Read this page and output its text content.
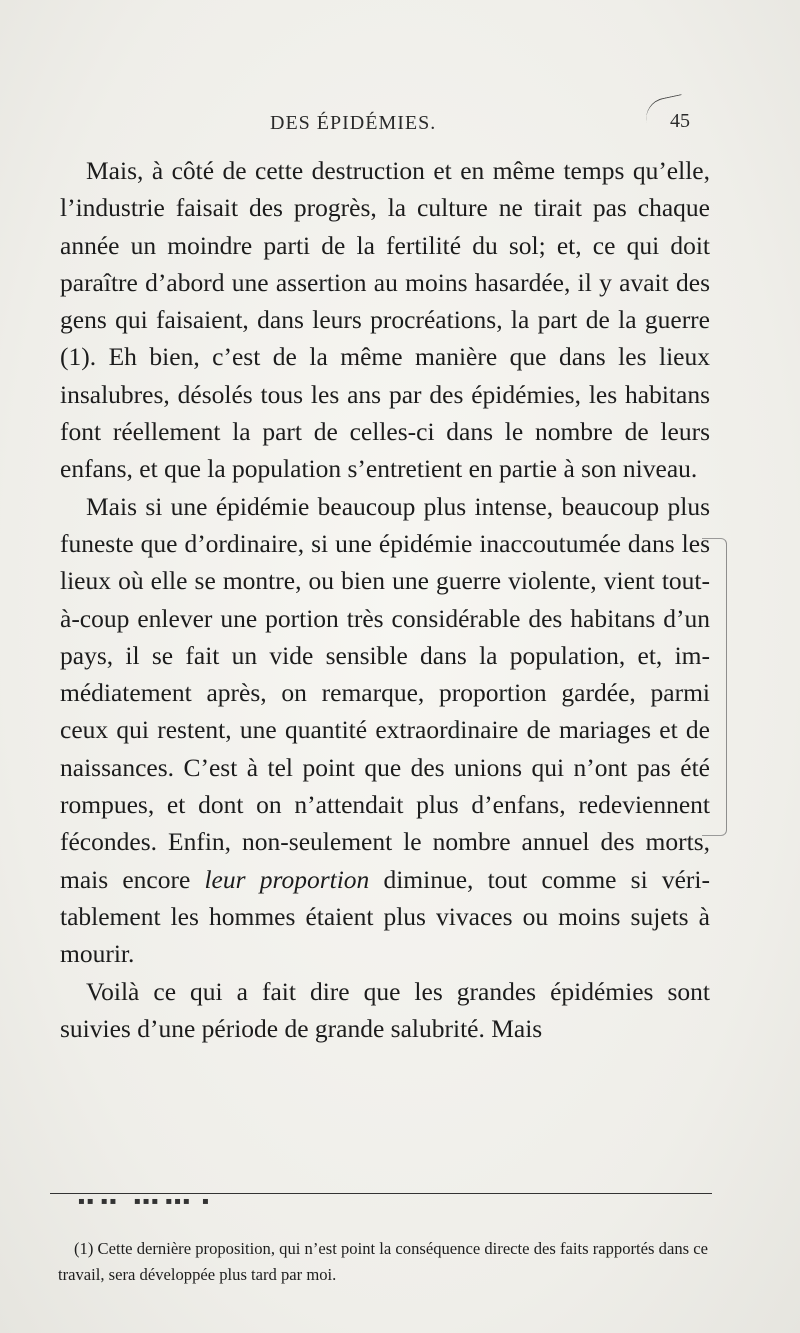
DES ÉPIDÉMIES.	45

Mais, à côté de cette destruction et en même temps qu’elle, l’industrie faisait des progrès, la culture ne tirait pas chaque année un moindre parti de la fertilité du sol; et, ce qui doit paraître d’abord une assertion au moins hasardée, il y avait des gens qui faisaient, dans leurs procréations, la part de la guerre (1). Eh bien, c’est de la même manière que dans les lieux insalubres, désolés tous les ans par des épidémies, les habitans font réellement la part de celles-ci dans le nombre de leurs enfans, et que la population s’entretient en partie à son niveau.

Mais si une épidémie beaucoup plus intense, beaucoup plus funeste que d’ordinaire, si une épidémie inaccoutumée dans les lieux où elle se montre, ou bien une guerre violente, vient tout-à-coup enlever une portion très considérable des habitans d’un pays, il se fait un vide sensible dans la population, et, immédiatement après, on remarque, proportion gardée, parmi ceux qui restent, une quantité extraordinaire de mariages et de naissances. C’est à tel point que des unions qui n’ont pas été rompues, et dont on n’attendait plus d’enfans, redeviennent fécondes. Enfin, non-seulement le nombre annuel des morts, mais encore leur proportion diminue, tout comme si véritablement les hommes étaient plus vivaces ou moins sujets à mourir.

Voilà ce qui a fait dire que les grandes épidémies sont suivies d’une période de grande salubrité. Mais

▪▪ ▪▪   ▪▪▪ ▪▪▪  ▪

(1) Cette dernière proposition, qui n’est point la conséquence directe des faits rapportés dans ce travail, sera développée plus tard par moi.
